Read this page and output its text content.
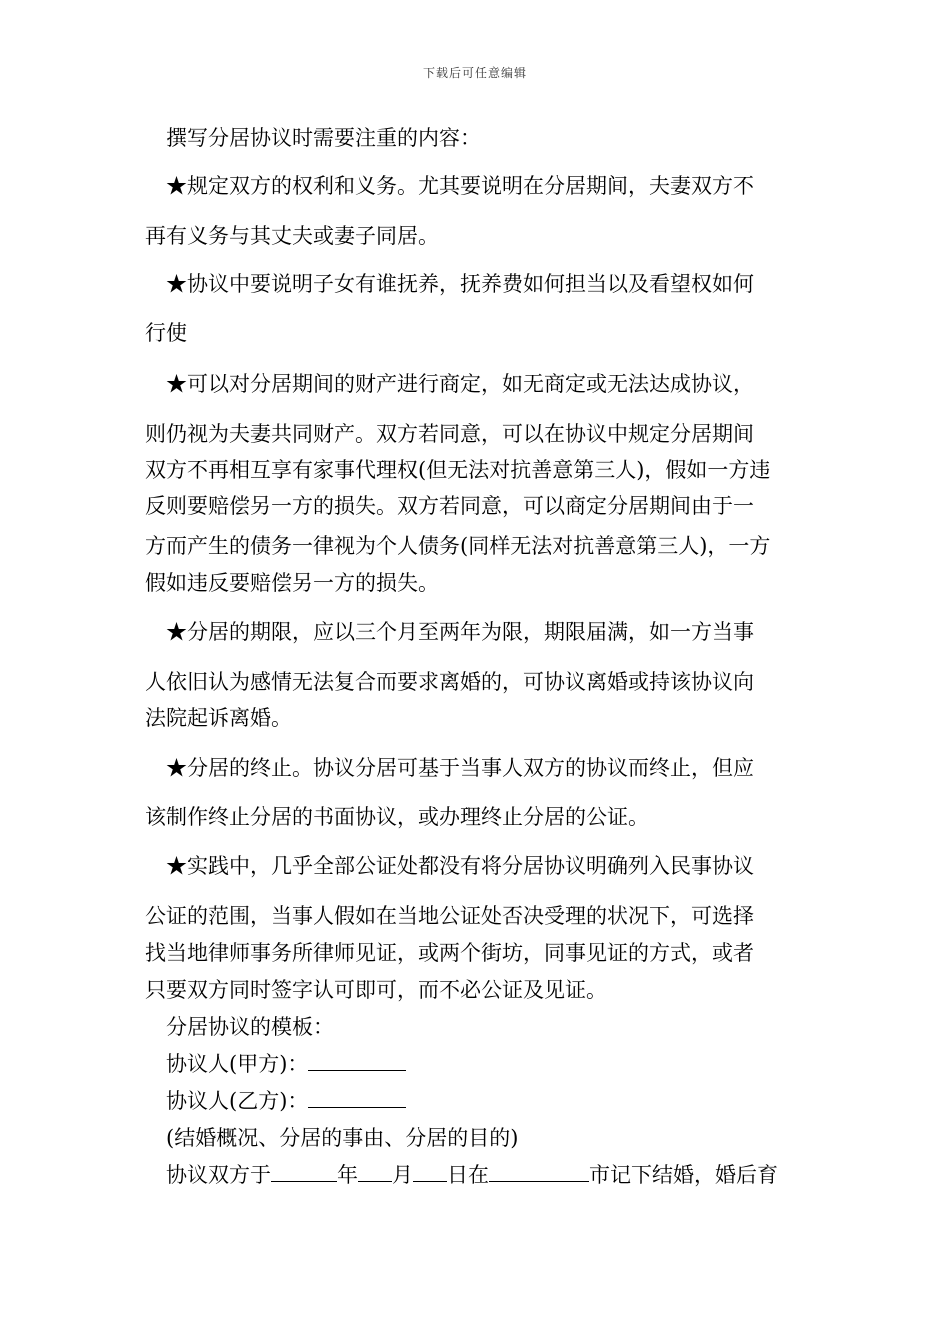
下载后可任意编辑
撰写分居协议时需要注重的内容：
★规定双方的权利和义务。尤其要说明在分居期间，夫妻双方不
再有义务与其丈夫或妻子同居。
★协议中要说明子女有谁抚养，抚养费如何担当以及看望权如何
行使
★可以对分居期间的财产进行商定，如无商定或无法达成协议，
则仍视为夫妻共同财产。双方若同意，可以在协议中规定分居期间
双方不再相互享有家事代理权(但无法对抗善意第三人)，假如一方违
反则要赔偿另一方的损失。双方若同意，可以商定分居期间由于一
方而产生的债务一律视为个人债务(同样无法对抗善意第三人)，一方
假如违反要赔偿另一方的损失。
★分居的期限，应以三个月至两年为限，期限届满，如一方当事
人依旧认为感情无法复合而要求离婚的，可协议离婚或持该协议向
法院起诉离婚。
★分居的终止。协议分居可基于当事人双方的协议而终止，但应
该制作终止分居的书面协议，或办理终止分居的公证。
★实践中，几乎全部公证处都没有将分居协议明确列入民事协议
公证的范围，当事人假如在当地公证处否决受理的状况下，可选择
找当地律师事务所律师见证，或两个街坊，同事见证的方式，或者
只要双方同时签字认可即可，而不必公证及见证。
分居协议的模板：
协议人(甲方)：
协议人(乙方)：
(结婚概况、分居的事由、分居的目的)
协议双方于	年 月 日在	市记下结婚，婚后育
